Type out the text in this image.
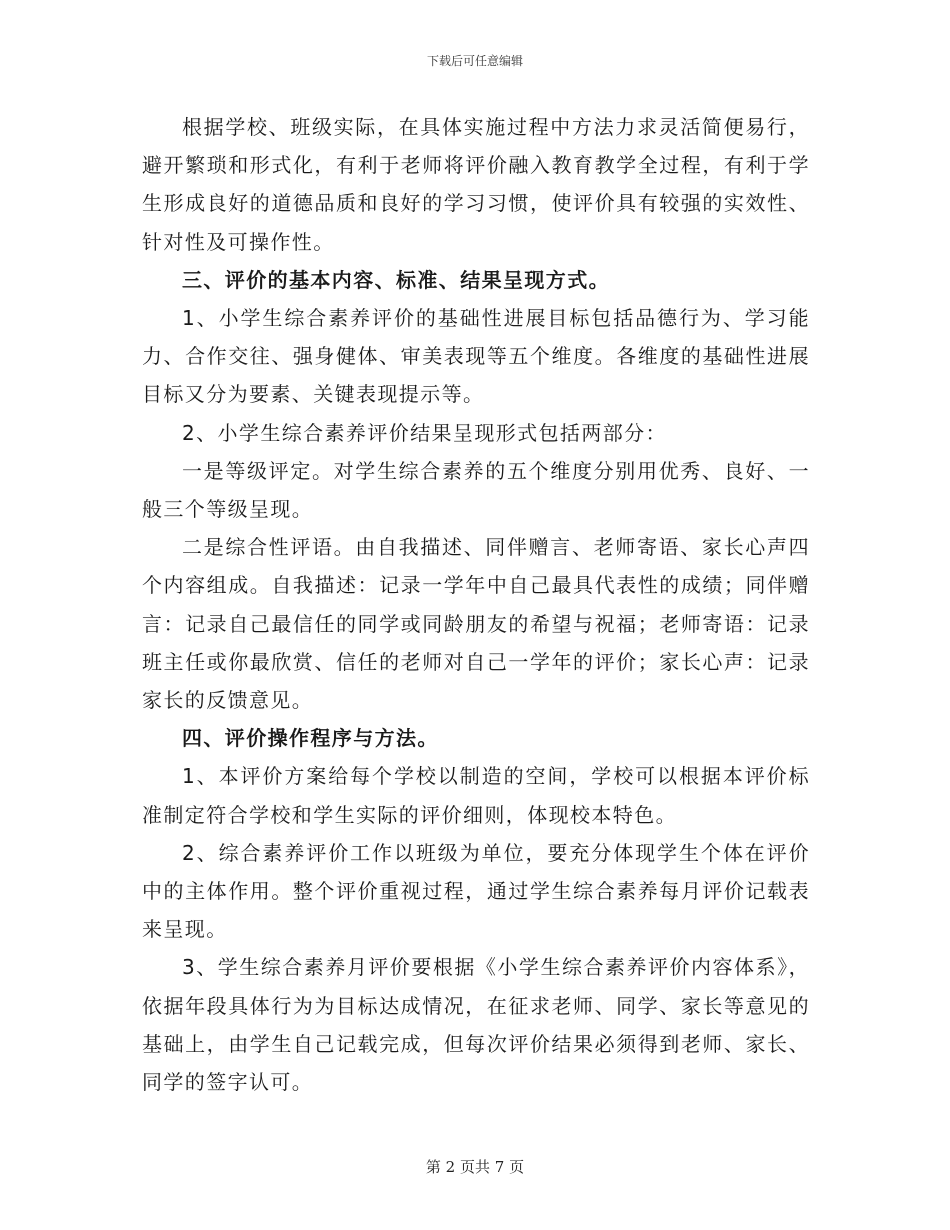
下载后可任意编辑

根据学校、班级实际，在具体实施过程中方法力求灵活简便易行，避开繁琐和形式化，有利于老师将评价融入教育教学全过程，有利于学生形成良好的道德品质和良好的学习习惯，使评价具有较强的实效性、针对性及可操作性。

三、评价的基本内容、标准、结果呈现方式。

1、小学生综合素养评价的基础性进展目标包括品德行为、学习能力、合作交往、强身健体、审美表现等五个维度。各维度的基础性进展目标又分为要素、关键表现提示等。

2、小学生综合素养评价结果呈现形式包括两部分：

一是等级评定。对学生综合素养的五个维度分别用优秀、良好、一般三个等级呈现。

二是综合性评语。由自我描述、同伴赠言、老师寄语、家长心声四个内容组成。自我描述：记录一学年中自己最具代表性的成绩；同伴赠言：记录自己最信任的同学或同龄朋友的希望与祝福；老师寄语：记录班主任或你最欣赏、信任的老师对自己一学年的评价；家长心声：记录家长的反馈意见。

四、评价操作程序与方法。

1、本评价方案给每个学校以制造的空间，学校可以根据本评价标准制定符合学校和学生实际的评价细则，体现校本特色。

2、综合素养评价工作以班级为单位，要充分体现学生个体在评价中的主体作用。整个评价重视过程，通过学生综合素养每月评价记载表来呈现。

3、学生综合素养月评价要根据《小学生综合素养评价内容体系》，依据年段具体行为为目标达成情况，在征求老师、同学、家长等意见的基础上，由学生自己记载完成，但每次评价结果必须得到老师、家长、同学的签字认可。

第 2 页共 7 页
